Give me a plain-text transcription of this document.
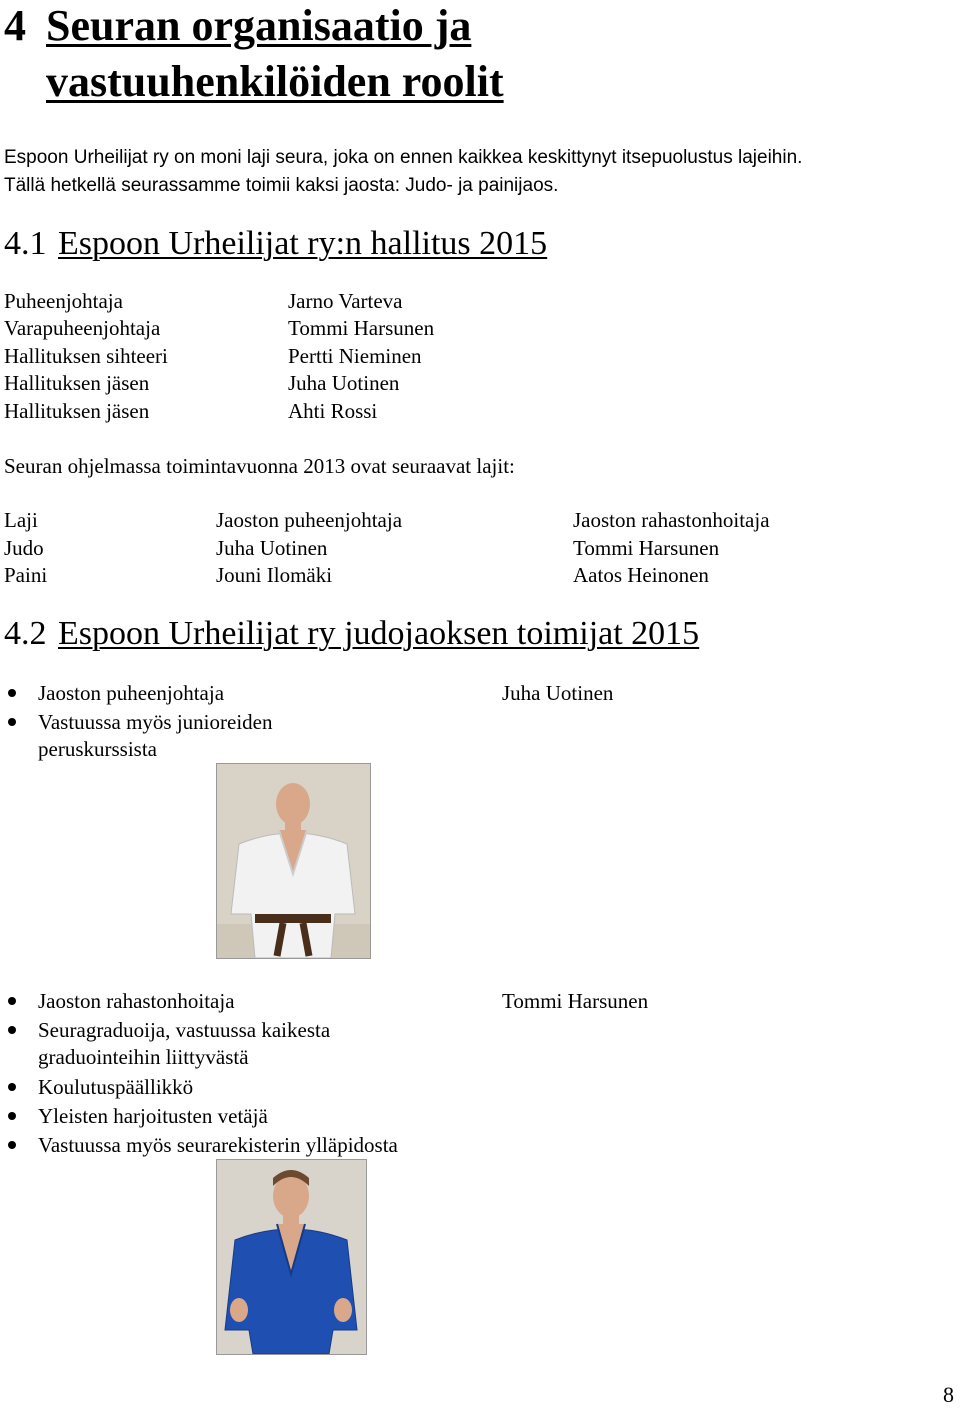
4 Seuran organisaatio ja
vastuuhenkilöiden roolit
Espoon Urheilijat ry on moni laji seura, joka on ennen kaikkea keskittynyt itsepuolustus lajeihin.
Tällä hetkellä seurassamme toimii kaksi jaosta: Judo- ja painijaos.
4.1 Espoon Urheilijat ry:n hallitus 2015
Puheenjohtaja	Jarno Varteva
Varapuheenjohtaja	Tommi Harsunen
Hallituksen sihteeri	Pertti Nieminen
Hallituksen jäsen	Juha Uotinen
Hallituksen jäsen	Ahti Rossi
Seuran ohjelmassa toimintavuonna 2013 ovat seuraavat lajit:
Laji	Jaoston puheenjohtaja	Jaoston rahastonhoitaja
Judo	Juha Uotinen	Tommi Harsunen
Paini	Jouni Ilomäki	Aatos Heinonen
4.2 Espoon Urheilijat ry judojaoksen toimijat 2015
Jaoston puheenjohtaja	Juha Uotinen
Vastuussa myös junioreiden
peruskurssista
Jaoston rahastonhoitaja	Tommi Harsunen
Seuragraduoija, vastuussa kaikesta
graduointeihin liittyvästä
Koulutuspäällikkö
Yleisten harjoitusten vetäjä
Vastuussa myös seurarekisterin ylläpidosta
8
